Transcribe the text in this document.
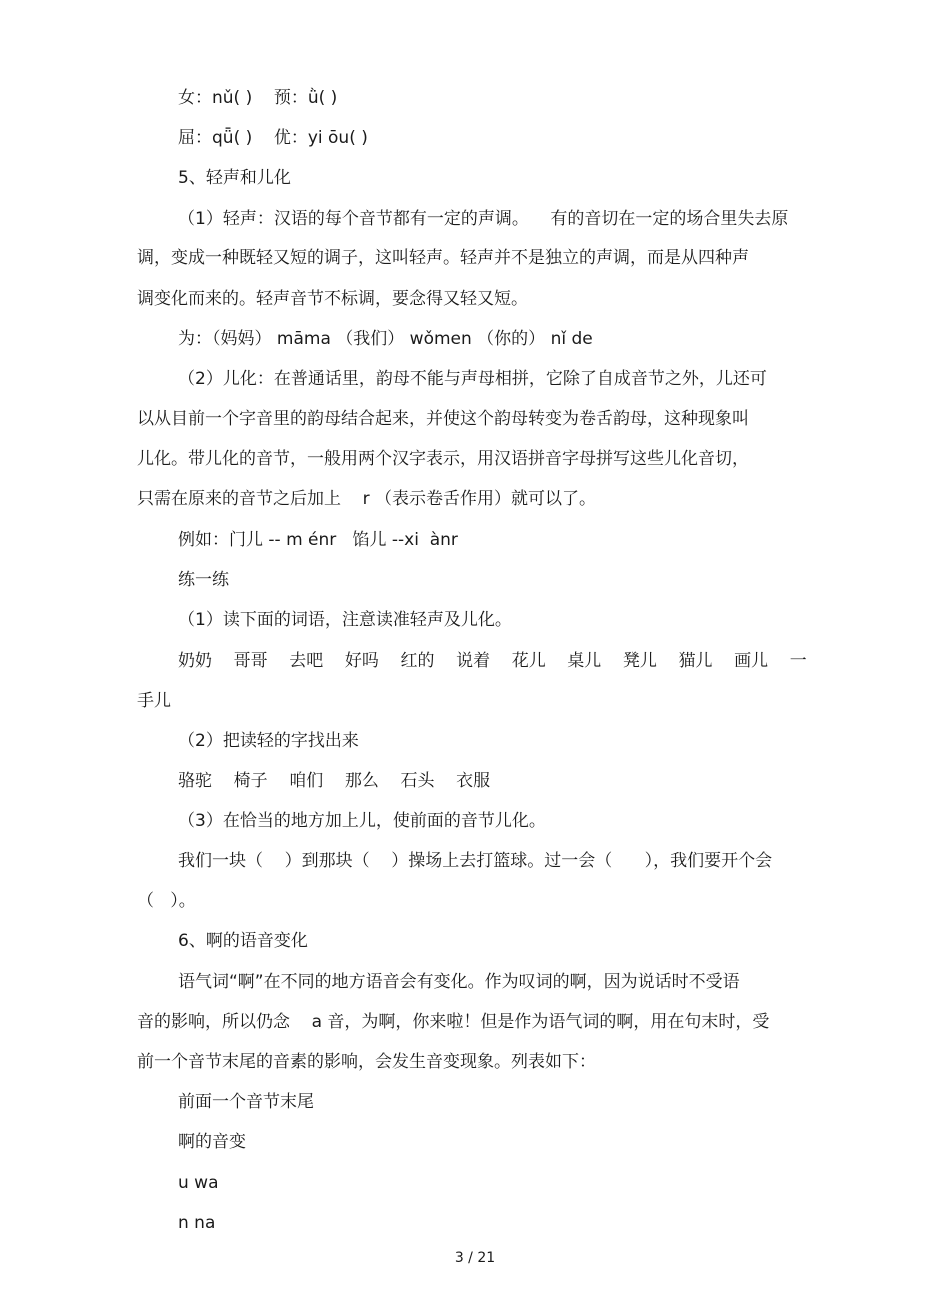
女：nǔ( )    预：ǜ( )
屈：qǖ( )    优：yi ōu( )
5、轻声和儿化
（1）轻声：汉语的每个音节都有一定的声调。    有的音切在一定的场合里失去原
调，变成一种既轻又短的调子，这叫轻声。轻声并不是独立的声调，而是从四种声
调变化而来的。轻声音节不标调，要念得又轻又短。
为：（妈妈） māma （我们） wǒmen （你的） nǐ de
（2）儿化：在普通话里，韵母不能与声母相拼，它除了自成音节之外，儿还可
以从目前一个字音里的韵母结合起来，并使这个韵母转变为卷舌韵母，这种现象叫
儿化。带儿化的音节，一般用两个汉字表示，用汉语拼音字母拼写这些儿化音切，
只需在原来的音节之后加上    r （表示卷舌作用）就可以了。
例如：门儿 -- m énr   馅儿 --xi  ànr
练一练
（1）读下面的词语，注意读准轻声及儿化。
奶奶    哥哥    去吧    好吗    红的    说着    花儿    桌儿    凳儿    猫儿    画儿    一
手儿
（2）把读轻的字找出来
骆驼    椅子    咱们    那么    石头    衣服
（3）在恰当的地方加上儿，使前面的音节儿化。
我们一块（    ）到那块（    ）操场上去打篮球。过一会（      ），我们要开个会
（   ）。
6、啊的语音变化
语气词“啊”在不同的地方语音会有变化。作为叹词的啊，因为说话时不受语
音的影响，所以仍念    a 音，为啊，你来啦！但是作为语气词的啊，用在句末时，受
前一个音节末尾的音素的影响，会发生音变现象。列表如下：
前面一个音节末尾
啊的音变
u wa
n na
3 / 21
